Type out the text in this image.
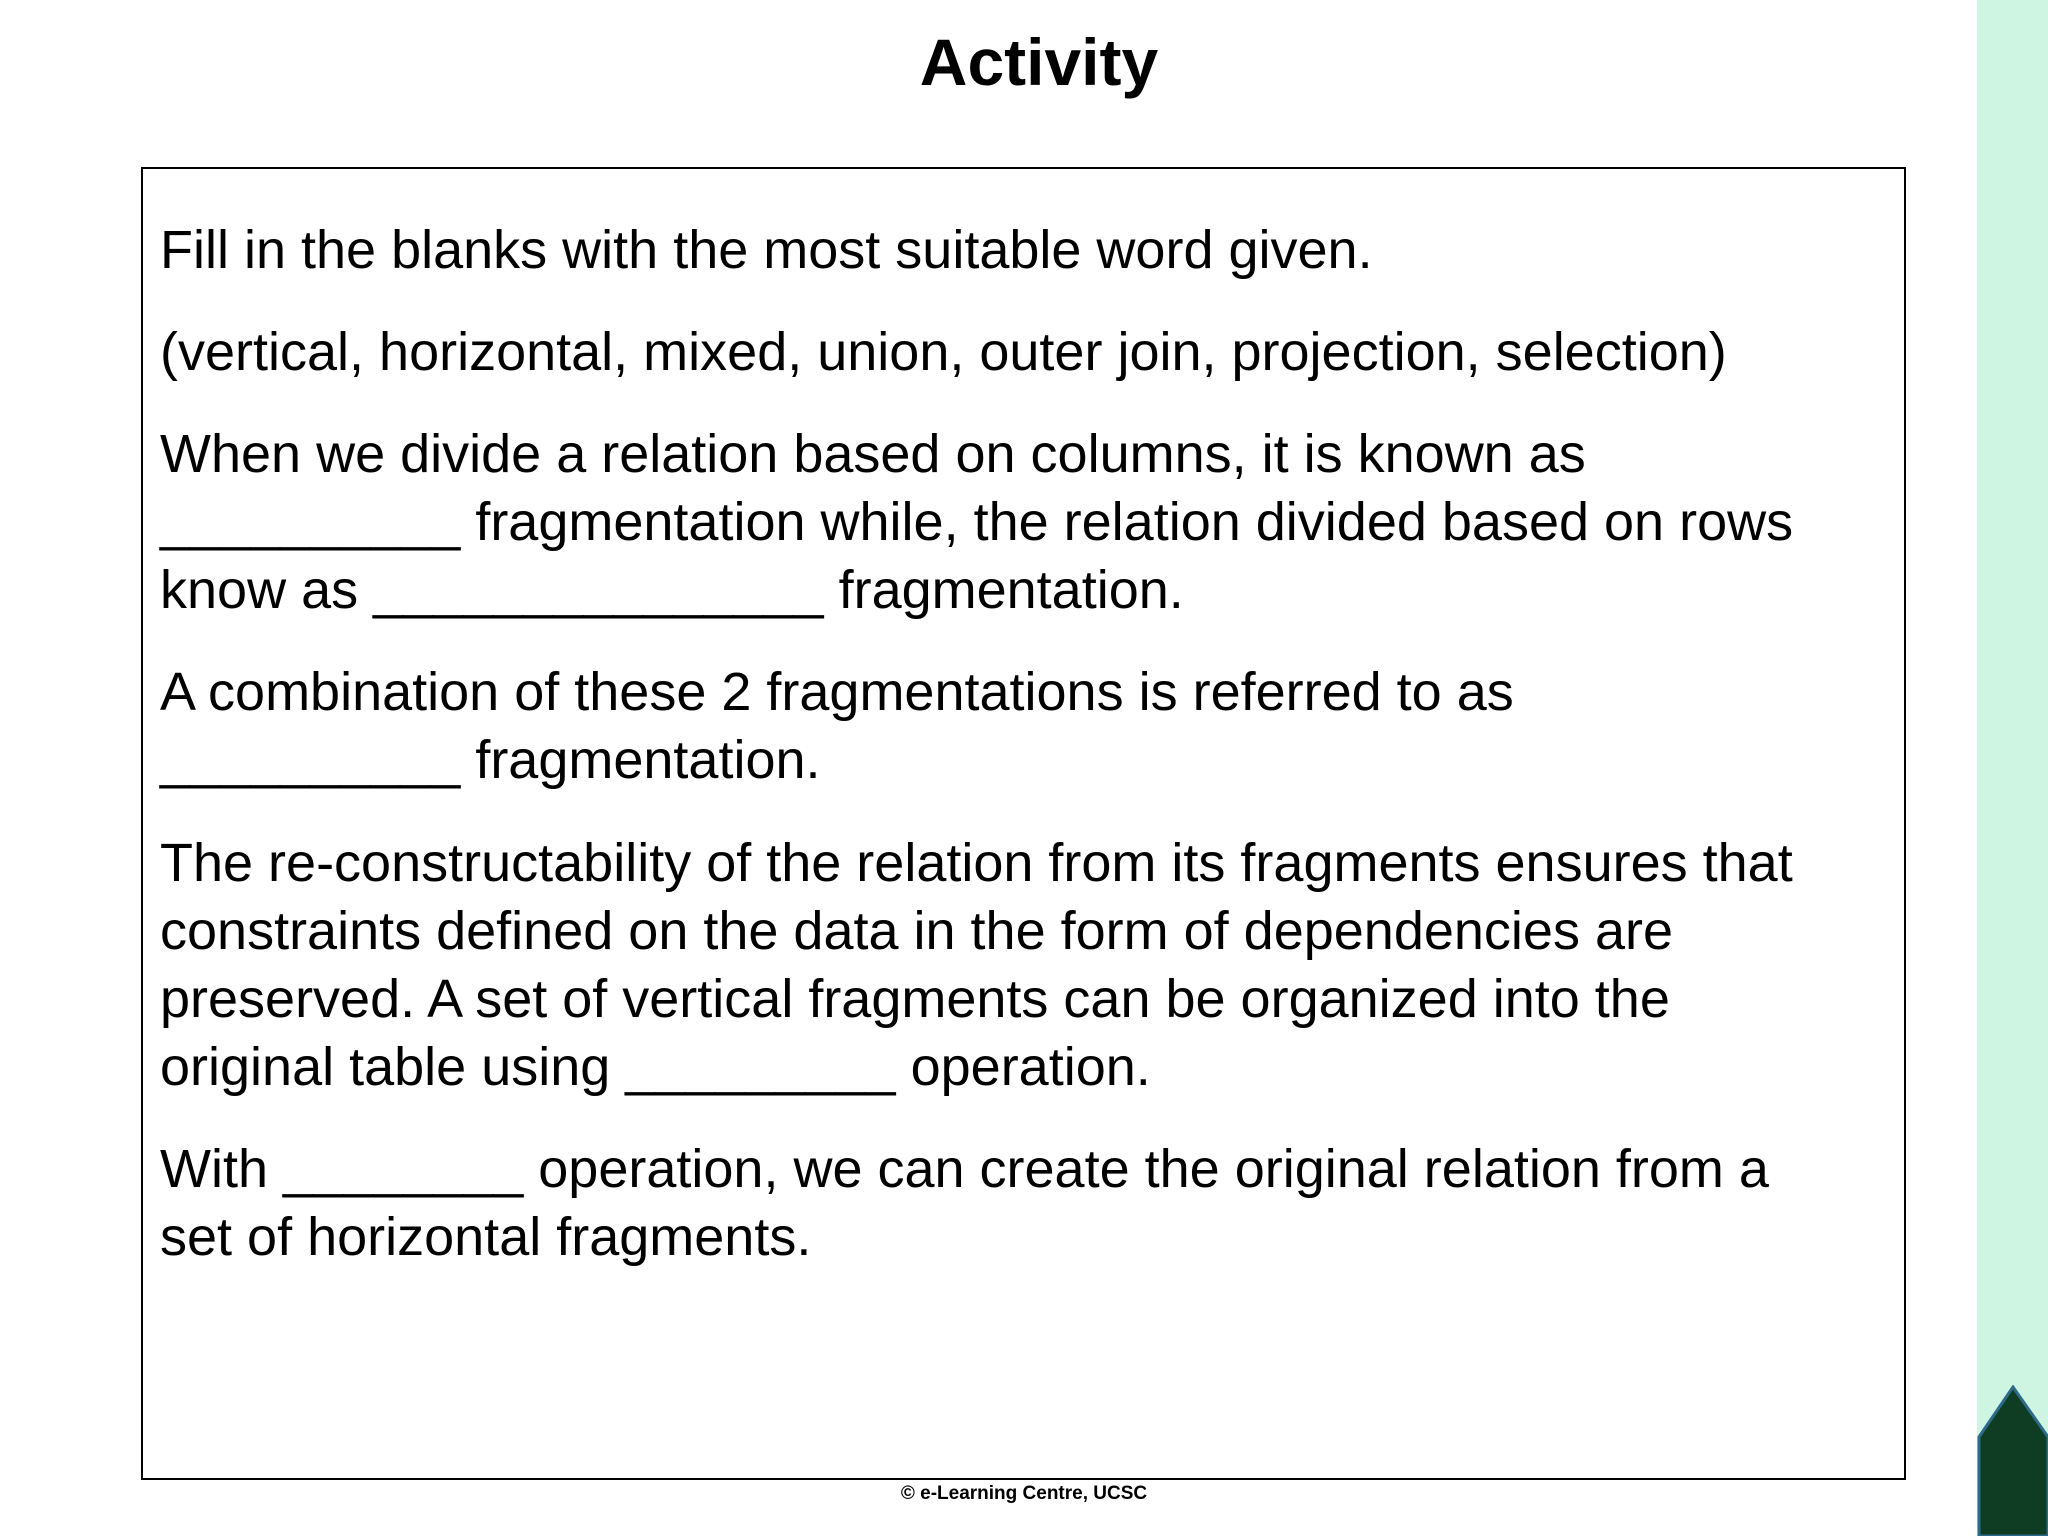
Activity

Fill in the blanks with the most suitable word given.

(vertical, horizontal, mixed, union, outer join, projection, selection)

When we divide a relation based on columns, it is known as
__________ fragmentation while, the relation divided based on rows
know as _______________ fragmentation.
A combination of these 2 fragmentations is referred to as
__________ fragmentation.
The re-constructability of the relation from its fragments ensures that
constraints defined on the data in the form of dependencies are
preserved. A set of vertical fragments can be organized into the
original table using _________ operation.
With ________ operation, we can create the original relation from a
set of horizontal fragments.
© e-Learning Centre, UCSC
